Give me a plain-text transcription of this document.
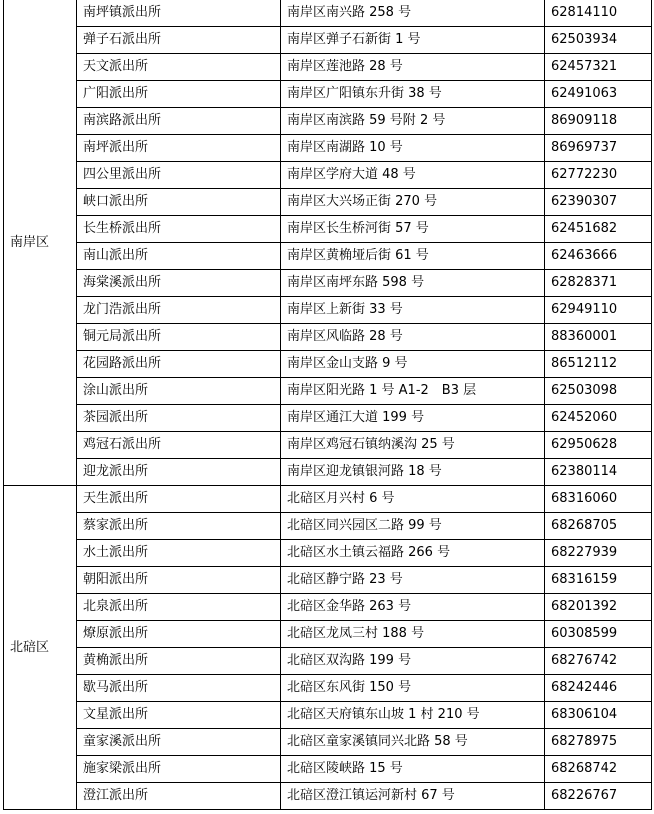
南岸区	南坪镇派出所	南岸区南兴路 258 号	62814110
	弹子石派出所	南岸区弹子石新街 1 号	62503934
	天文派出所	南岸区莲池路 28 号	62457321
	广阳派出所	南岸区广阳镇东升街 38 号	62491063
	南滨路派出所	南岸区南滨路 59 号附 2 号	86909118
	南坪派出所	南岸区南湖路 10 号	86969737
	四公里派出所	南岸区学府大道 48 号	62772230
	峡口派出所	南岸区大兴场正街 270 号	62390307
	长生桥派出所	南岸区长生桥河街 57 号	62451682
	南山派出所	南岸区黄桷垭后街 61 号	62463666
	海棠溪派出所	南岸区南坪东路 598 号	62828371
	龙门浩派出所	南岸区上新街 33 号	62949110
	铜元局派出所	南岸区风临路 28 号	88360001
	花园路派出所	南岸区金山支路 9 号	86512112
	涂山派出所	南岸区阳光路 1 号 A1-2　B3 层	62503098
	茶园派出所	南岸区通江大道 199 号	62452060
	鸡冠石派出所	南岸区鸡冠石镇纳溪沟 25 号	62950628
	迎龙派出所	南岸区迎龙镇银河路 18 号	62380114
北碚区	天生派出所	北碚区月兴村 6 号	68316060
	蔡家派出所	北碚区同兴园区二路 99 号	68268705
	水土派出所	北碚区水土镇云福路 266 号	68227939
	朝阳派出所	北碚区静宁路 23 号	68316159
	北泉派出所	北碚区金华路 263 号	68201392
	燎原派出所	北碚区龙凤三村 188 号	60308599
	黄桷派出所	北碚区双沟路 199 号	68276742
	歇马派出所	北碚区东风街 150 号	68242446
	文星派出所	北碚区天府镇东山坡 1 村 210 号	68306104
	童家溪派出所	北碚区童家溪镇同兴北路 58 号	68278975
	施家梁派出所	北碚区陵峡路 15 号	68268742
	澄江派出所	北碚区澄江镇运河新村 67 号	68226767
